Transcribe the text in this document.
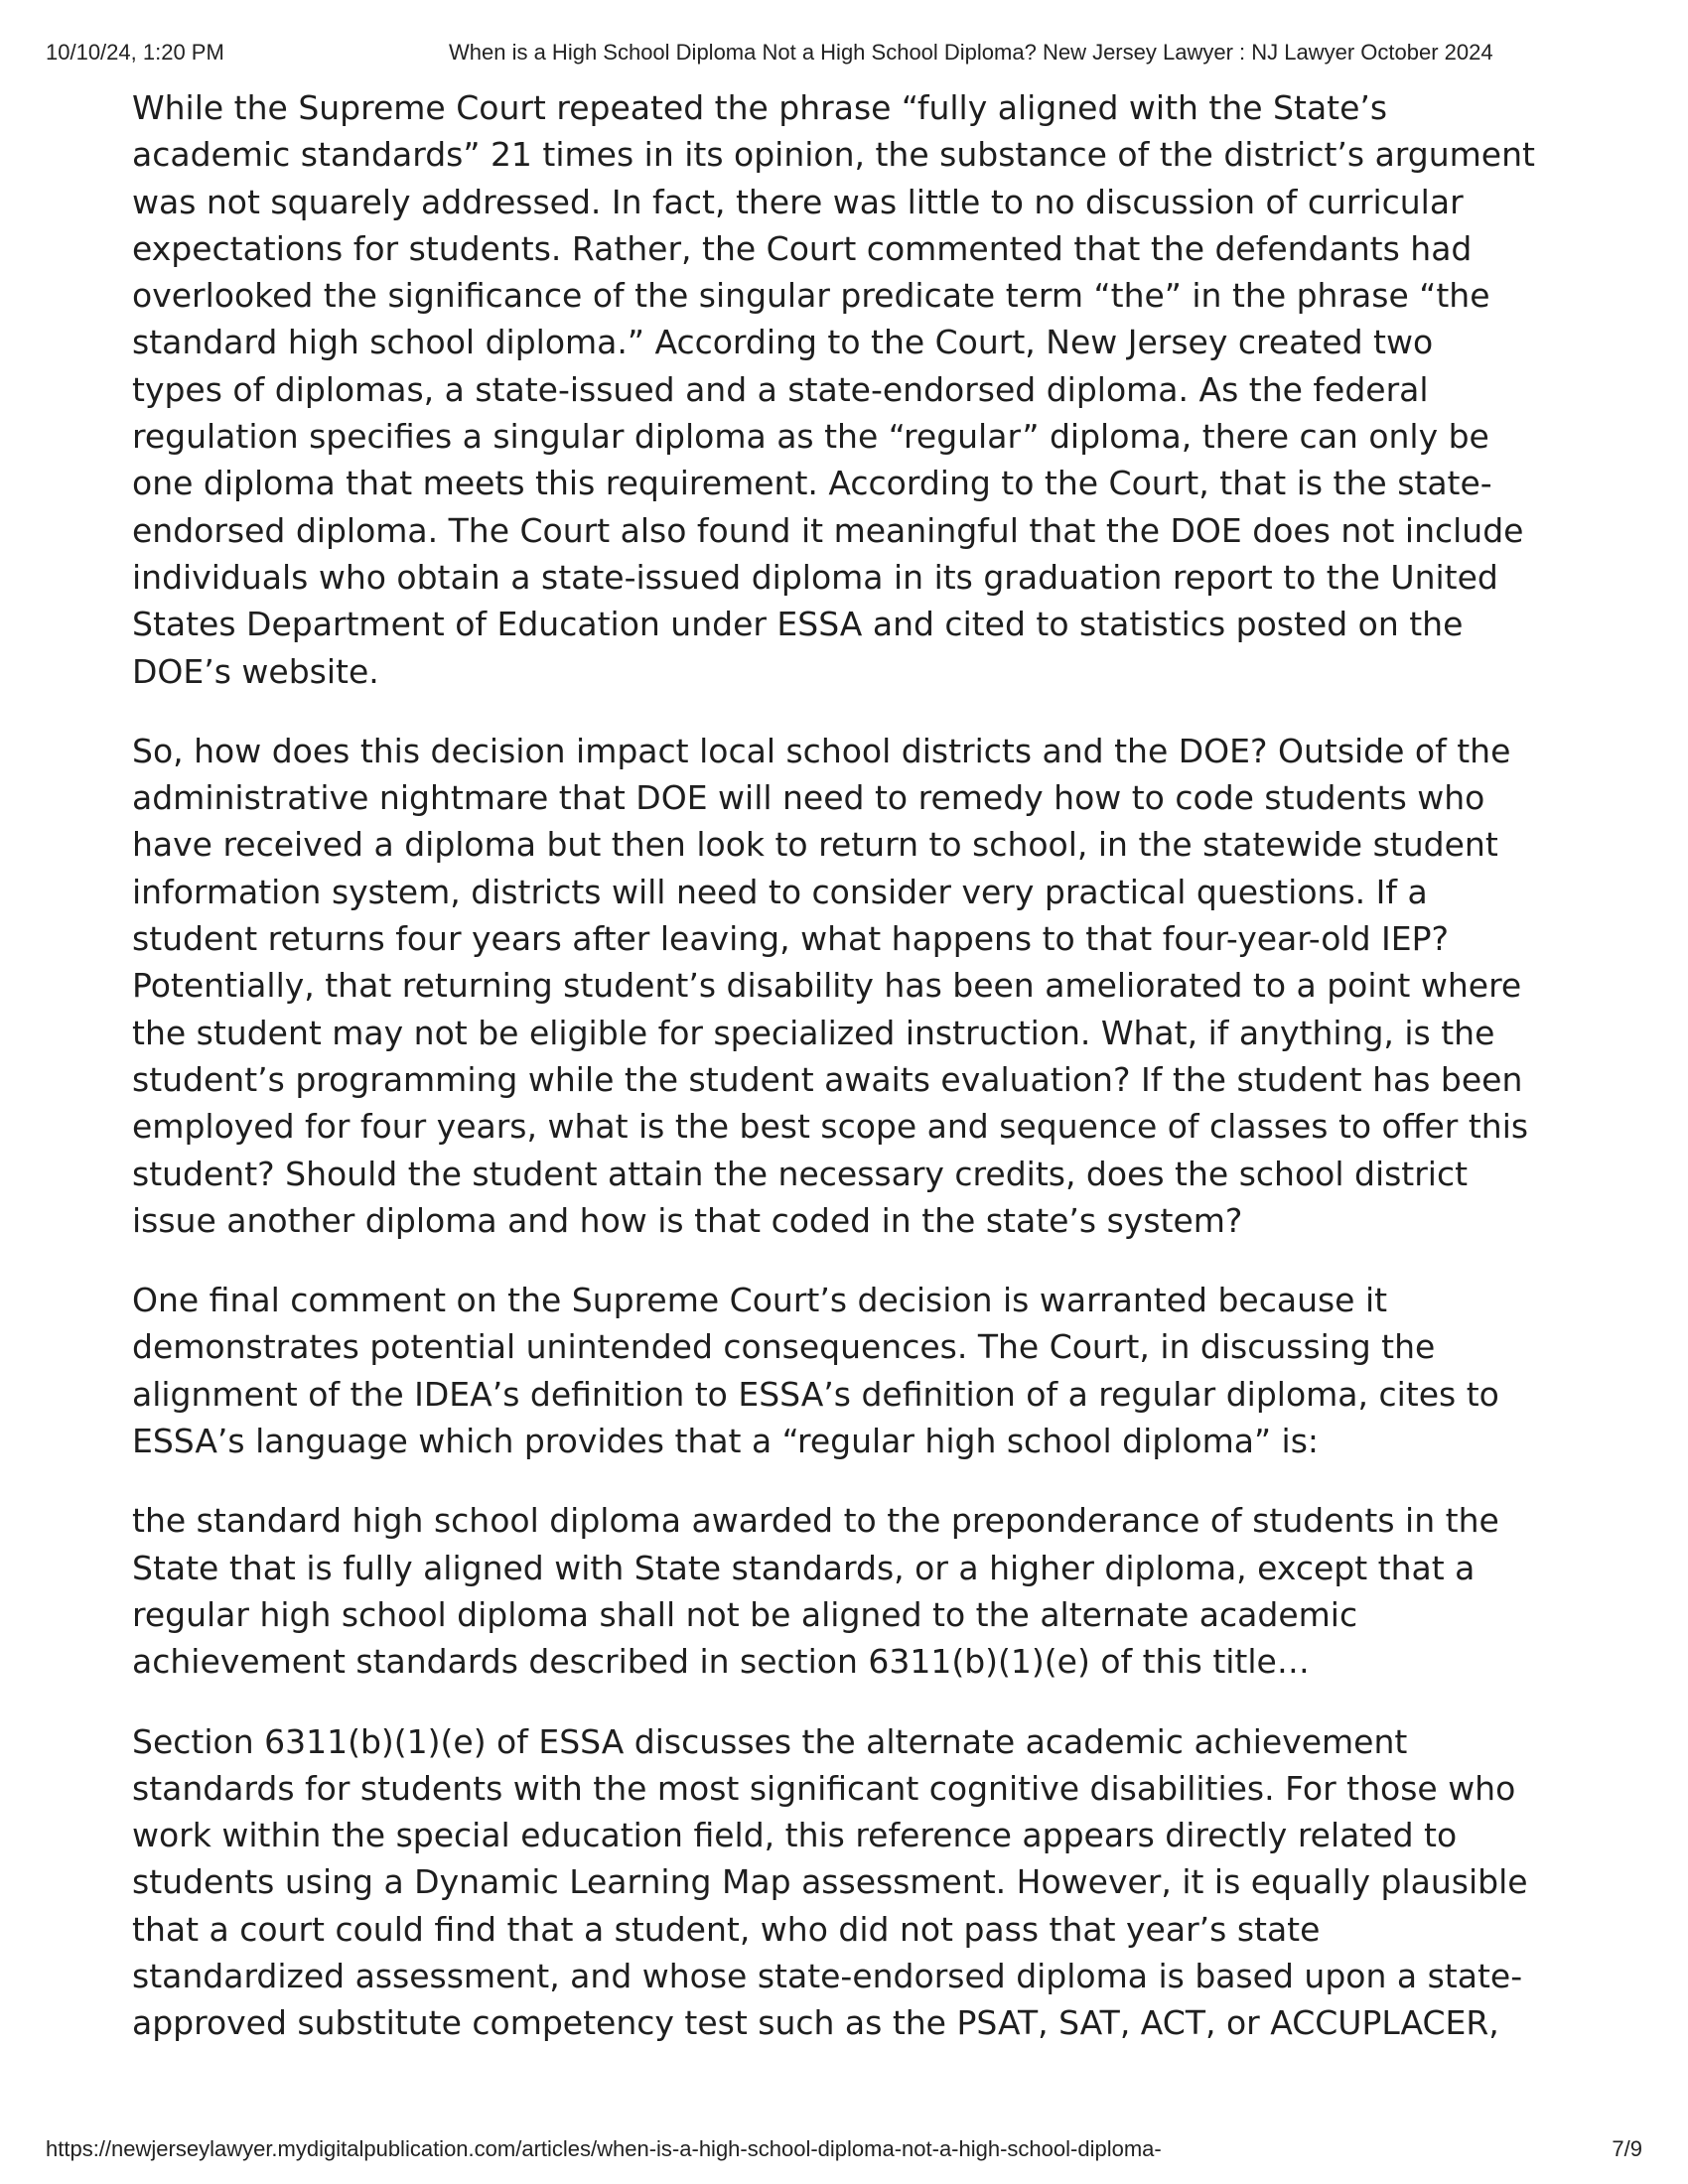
10/10/24, 1:20 PM	When is a High School Diploma Not a High School Diploma? New Jersey Lawyer : NJ Lawyer October 2024

While the Supreme Court repeated the phrase “fully aligned with the State’s
academic standards” 21 times in its opinion, the substance of the district’s argument
was not squarely addressed. In fact, there was little to no discussion of curricular
expectations for students. Rather, the Court commented that the defendants had
overlooked the significance of the singular predicate term “the” in the phrase “the
standard high school diploma.” According to the Court, New Jersey created two
types of diplomas, a state-issued and a state-endorsed diploma. As the federal
regulation specifies a singular diploma as the “regular” diploma, there can only be
one diploma that meets this requirement. According to the Court, that is the state-
endorsed diploma. The Court also found it meaningful that the DOE does not include
individuals who obtain a state-issued diploma in its graduation report to the United
States Department of Education under ESSA and cited to statistics posted on the
DOE’s website.

So, how does this decision impact local school districts and the DOE? Outside of the
administrative nightmare that DOE will need to remedy how to code students who
have received a diploma but then look to return to school, in the statewide student
information system, districts will need to consider very practical questions. If a
student returns four years after leaving, what happens to that four-year-old IEP?
Potentially, that returning student’s disability has been ameliorated to a point where
the student may not be eligible for specialized instruction. What, if anything, is the
student’s programming while the student awaits evaluation? If the student has been
employed for four years, what is the best scope and sequence of classes to offer this
student? Should the student attain the necessary credits, does the school district
issue another diploma and how is that coded in the state’s system?

One final comment on the Supreme Court’s decision is warranted because it
demonstrates potential unintended consequences. The Court, in discussing the
alignment of the IDEA’s definition to ESSA’s definition of a regular diploma, cites to
ESSA’s language which provides that a “regular high school diploma” is:

the standard high school diploma awarded to the preponderance of students in the
State that is fully aligned with State standards, or a higher diploma, except that a
regular high school diploma shall not be aligned to the alternate academic
achievement standards described in section 6311(b)(1)(e) of this title…

Section 6311(b)(1)(e) of ESSA discusses the alternate academic achievement
standards for students with the most significant cognitive disabilities. For those who
work within the special education field, this reference appears directly related to
students using a Dynamic Learning Map assessment. However, it is equally plausible
that a court could find that a student, who did not pass that year’s state
standardized assessment, and whose state-endorsed diploma is based upon a state-
approved substitute competency test such as the PSAT, SAT, ACT, or ACCUPLACER,

https://newjerseylawyer.mydigitalpublication.com/articles/when-is-a-high-school-diploma-not-a-high-school-diploma-	7/9
